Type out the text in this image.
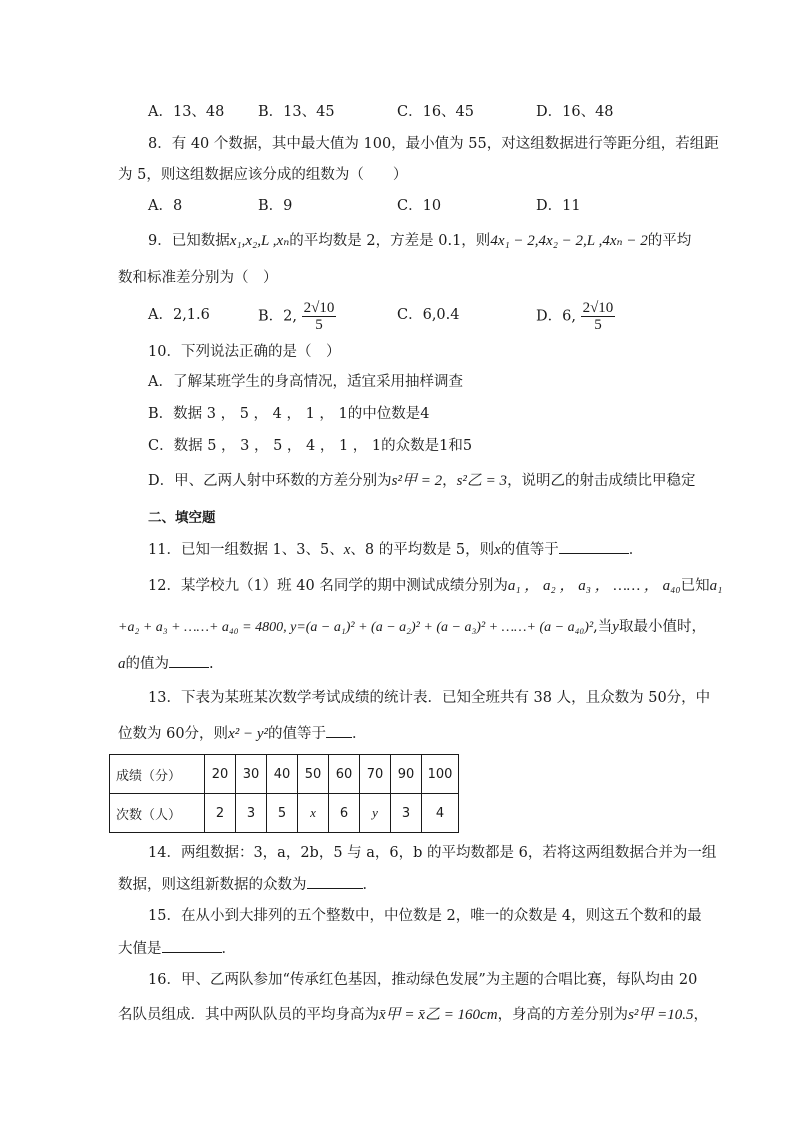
A．13、48 B．13、45	C．16、45	D．16、48
8．有 40 个数据，其中最大值为 100，最小值为 55，对这组数据进行等距分组，若组距
为 5，则这组数据应该分成的组数为（　　）
A．8	B．9	C．10	D．11
9．已知数据x₁,x₂,L ,xₙ的平均数是 2，方差是 0.1，则4x₁ − 2,4x₂ − 2,L ,4xₙ − 2的平均
数和标准差分别为（　）
A．2,1.6	B．2, $\frac{2√10}{5}$	C．6,0.4	D．6, $\frac{2√10}{5}$
10．下列说法正确的是（　）
A．了解某班学生的身高情况，适宜采用抽样调查
B．数据 3 ， 5 ， 4 ， 1 ， 1的中位数是4
C．数据 5 ， 3 ， 5 ， 4 ， 1 ， 1的众数是1和5
D．甲、乙两人射中环数的方差分别为s²甲 = 2，s²乙 = 3，说明乙的射击成绩比甲稳定
二、填空题
11．已知一组数据 1、3、5、x、8 的平均数是 5，则x的值等于	．
12．某学校九（1）班 40 名同学的期中测试成绩分别为a₁ ， a₂ ， a₃ ， …… ， a₄₀已知a₁
+a₂ + a₃ + ……+ a₄₀ = 4800, y=(a − a₁)² + (a − a₂)² + (a − a₃)² + ……+ (a − a₄₀)²,当y取最小值时，
a的值为	.
13．下表为某班某次数学考试成绩的统计表．已知全班共有 38 人，且众数为 50分，中
位数为 60分，则x² − y²的值等于 ．
成绩（分）	20	30	40	50	60	70	90	100
次数（人）	2	3	5	x	6	y	3	4
14．两组数据：3，a，2b，5 与 a，6，b 的平均数都是 6，若将这两组数据合并为一组
数据，则这组新数据的众数为	．
15．在从小到大排列的五个整数中，中位数是 2，唯一的众数是 4，则这五个数和的最
大值是	．
16．甲、乙两队参加“传承红色基因，推动绿色发展”为主题的合唱比赛，每队均由 20
名队员组成．其中两队队员的平均身高为x̄甲 = x̄乙 = 160cm，身高的方差分别为s²甲 =10.5，
